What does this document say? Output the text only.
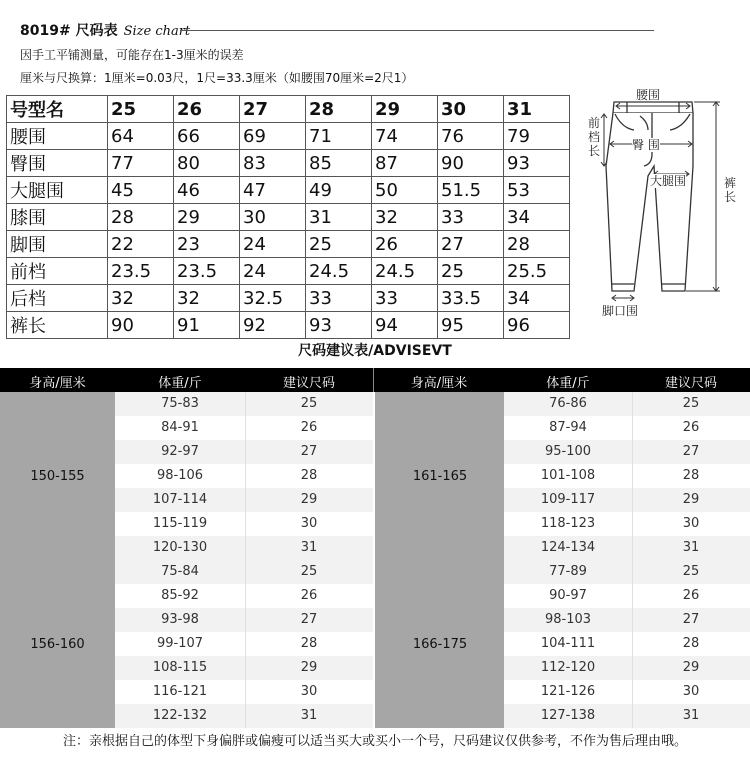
8019# 尺码表 Size chart
因手工平铺测量，可能存在1-3厘米的误差
厘米与尺换算：1厘米=0.03尺，1尺=33.3厘米（如腰围70厘米=2尺1）
号型名	25	26	27	28	29	30	31
腰围	64	66	69	71	74	76	79
臀围	77	80	83	85	87	90	93
大腿围	45	46	47	49	50	51.5	53
膝围	28	29	30	31	32	33	34
脚围	22	23	24	25	26	27	28
前档	23.5	23.5	24	24.5	24.5	25	25.5
后档	32	32	32.5	33	33	33.5	34
裤长	90	91	92	93	94	95	96
腰围
前档长	臀 围
大腿围	裤长
脚口围
尺码建议表/ADVISEVT
身高/厘米	体重/斤	建议尺码	身高/厘米	体重/斤	建议尺码
150-155
75-83	25
84-91	26
92-97	27
98-106	28
107-114	29
115-119	30
120-130	31
161-165
76-86	25
87-94	26
95-100	27
101-108	28
109-117	29
118-123	30
124-134	31
156-160
75-84	25
85-92	26
93-98	27
99-107	28
108-115	29
116-121	30
122-132	31
166-175
77-89	25
90-97	26
98-103	27
104-111	28
112-120	29
121-126	30
127-138	31
注：亲根据自己的体型下身偏胖或偏瘦可以适当买大或买小一个号，尺码建议仅供参考，不作为售后理由哦。
